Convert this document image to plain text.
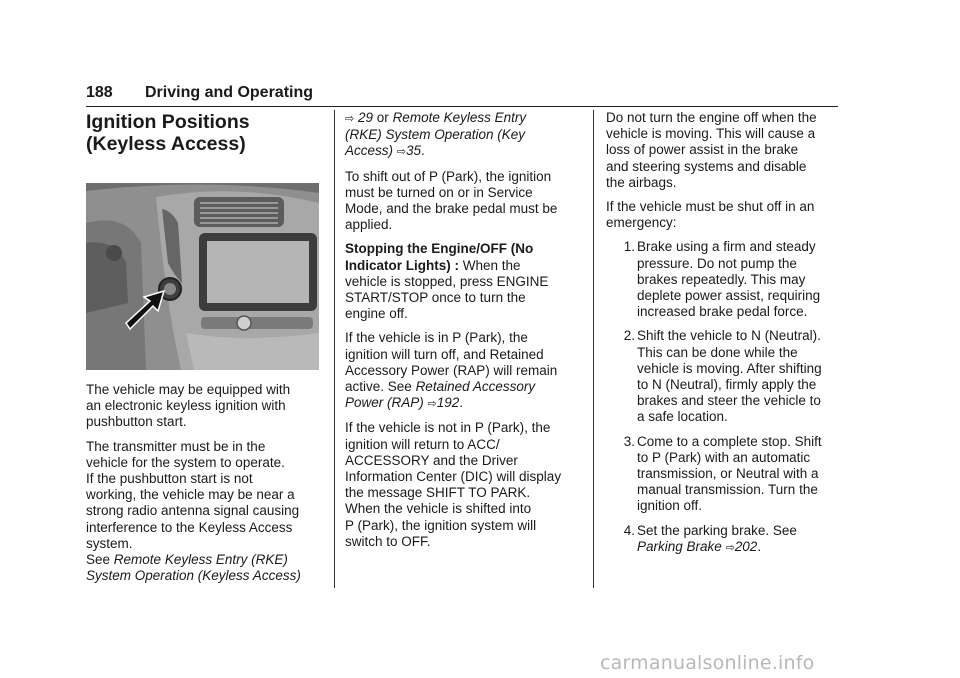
188 Driving and Operating
Ignition Positions
(Keyless Access)

The vehicle may be equipped with
an electronic keyless ignition with
pushbutton start.

The transmitter must be in the
vehicle for the system to operate.
If the pushbutton start is not
working, the vehicle may be near a
strong radio antenna signal causing
interference to the Keyless Access
system.
See Remote Keyless Entry (RKE)
System Operation (Keyless Access)

⇨ 29 or Remote Keyless Entry
(RKE) System Operation (Key
Access) ⇨35.

To shift out of P (Park), the ignition
must be turned on or in Service
Mode, and the brake pedal must be
applied.

Stopping the Engine/OFF (No
Indicator Lights) : When the
vehicle is stopped, press ENGINE
START/STOP once to turn the
engine off.

If the vehicle is in P (Park), the
ignition will turn off, and Retained
Accessory Power (RAP) will remain
active. See Retained Accessory
Power (RAP) ⇨192.

If the vehicle is not in P (Park), the
ignition will return to ACC/
ACCESSORY and the Driver
Information Center (DIC) will display
the message SHIFT TO PARK.
When the vehicle is shifted into
P (Park), the ignition system will
switch to OFF.

Do not turn the engine off when the
vehicle is moving. This will cause a
loss of power assist in the brake
and steering systems and disable
the airbags.

If the vehicle must be shut off in an
emergency:

1. Brake using a firm and steady
pressure. Do not pump the
brakes repeatedly. This may
deplete power assist, requiring
increased brake pedal force.
2. Shift the vehicle to N (Neutral).
This can be done while the
vehicle is moving. After shifting
to N (Neutral), firmly apply the
brakes and steer the vehicle to
a safe location.
3. Come to a complete stop. Shift
to P (Park) with an automatic
transmission, or Neutral with a
manual transmission. Turn the
ignition off.
4. Set the parking brake. See
Parking Brake ⇨202.
carmanualsonline.info
